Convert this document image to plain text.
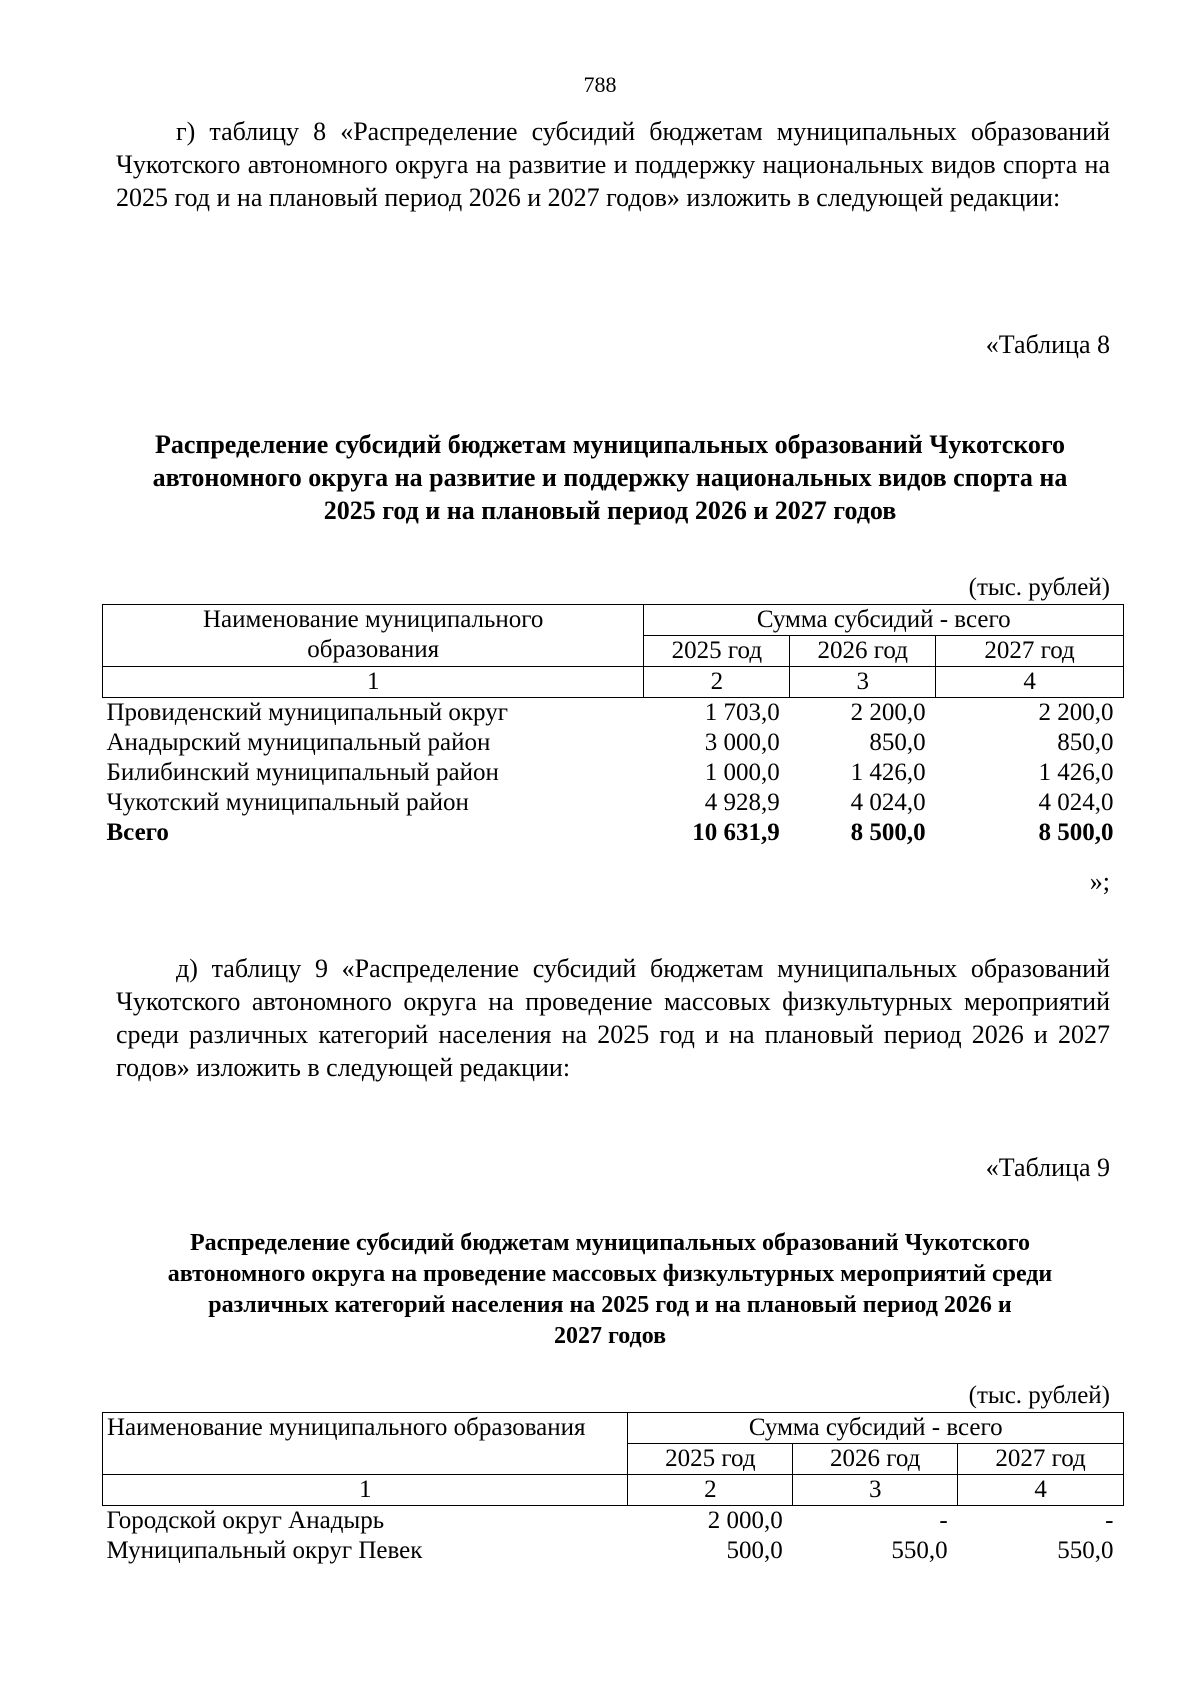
788
г) таблицу 8 «Распределение субсидий бюджетам муниципальных образований Чукотского автономного округа на развитие и поддержку национальных видов спорта на 2025 год и на плановый период 2026 и 2027 годов» изложить в следующей редакции:
«Таблица 8
Распределение субсидий бюджетам муниципальных образований Чукотского
автономного округа на развитие и поддержку национальных видов спорта на
2025 год и на плановый период 2026 и 2027 годов
(тыс. рублей)
Наименование муниципального
образования	Сумма субсидий - всего		
	2025 год	2026 год	2027 год
1	2	3	4
Провиденский муниципальный округ	1 703,0	2 200,0	2 200,0
Анадырский муниципальный район	3 000,0	850,0	850,0
Билибинский муниципальный район	1 000,0	1 426,0	1 426,0
Чукотский муниципальный район	4 928,9	4 024,0	4 024,0
Всего	10 631,9	8 500,0	8 500,0
»;
д) таблицу 9 «Распределение субсидий бюджетам муниципальных образований Чукотского автономного округа на проведение массовых физкультурных мероприятий среди различных категорий населения на 2025 год и на плановый период 2026 и 2027 годов» изложить в следующей редакции:
«Таблица 9
Распределение субсидий бюджетам муниципальных образований Чукотского
автономного округа на проведение массовых физкультурных мероприятий среди
различных категорий населения на 2025 год и на плановый период 2026 и
2027 годов
(тыс. рублей)
Наименование муниципального образования	Сумма субсидий - всего		
	2025 год	2026 год	2027 год
1	2	3	4
Городской округ Анадырь	2 000,0	-	-
Муниципальный округ Певек	500,0	550,0	550,0
